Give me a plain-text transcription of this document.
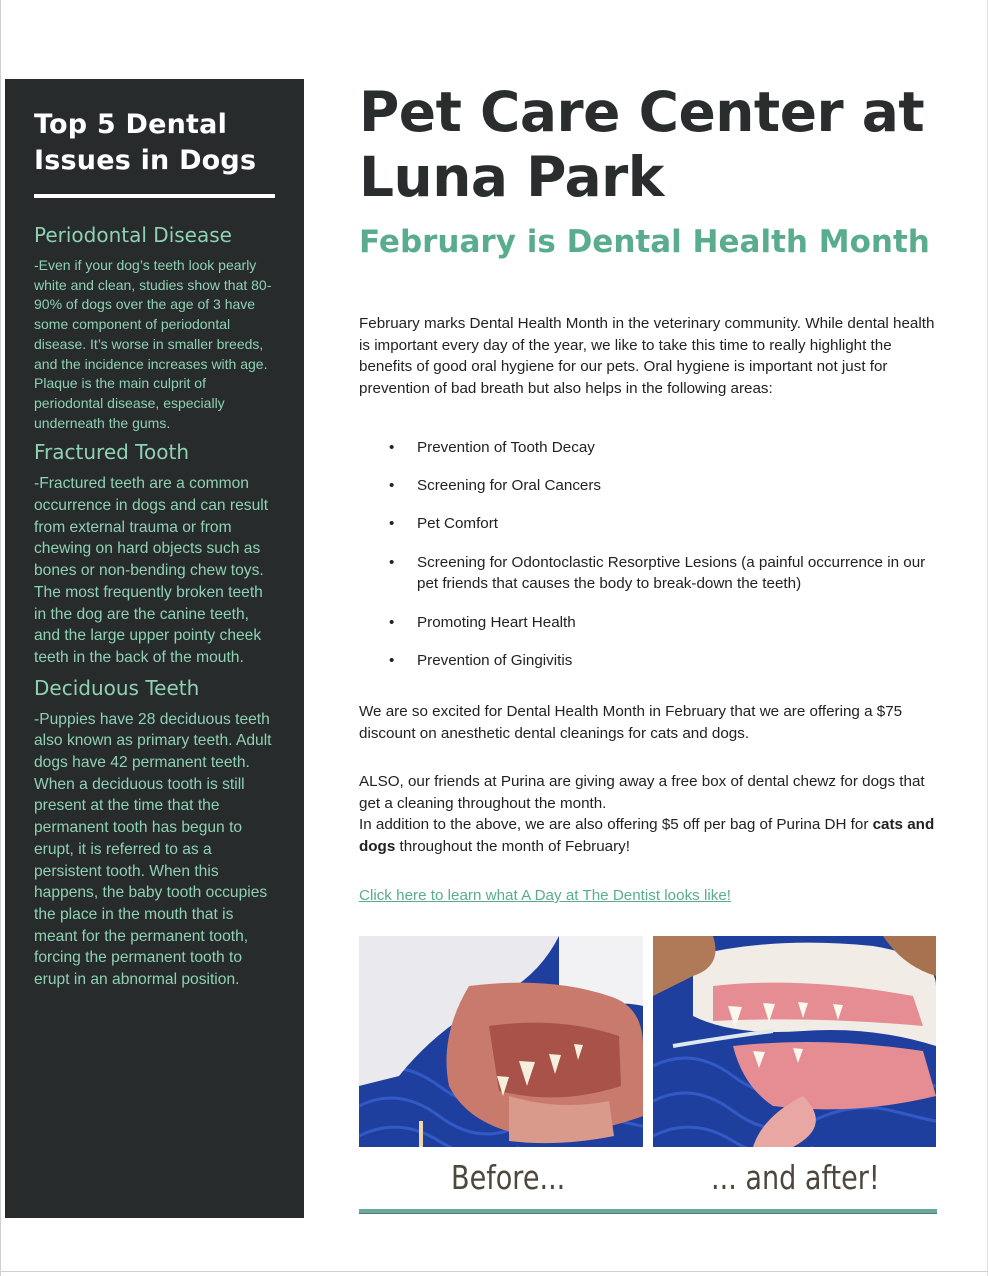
Top 5 Dental
Issues in Dogs
Periodontal Disease

-Even if your dog’s teeth look pearly white and clean, studies show that 80-90% of dogs over the age of 3 have some component of periodontal disease. It’s worse in smaller breeds, and the incidence increases with age. Plaque is the main culprit of periodontal disease, especially underneath the gums.

Fractured Tooth

-Fractured teeth are a common occurrence in dogs and can result from external trauma or from chewing on hard objects such as bones or non-bending chew toys. The most frequently broken teeth in the dog are the canine teeth, and the large upper pointy cheek teeth in the back of the mouth.

Deciduous Teeth

-Puppies have 28 deciduous teeth also known as primary teeth. Adult dogs have 42 permanent teeth. When a deciduous tooth is still present at the time that the permanent tooth has begun to erupt, it is referred to as a persistent tooth. When this happens, the baby tooth occupies the place in the mouth that is meant for the permanent tooth, forcing the permanent tooth to erupt in an abnormal position.

Pet Care Center at
Luna Park
February is Dental Health Month

February marks Dental Health Month in the veterinary community. While dental health is important every day of the year, we like to take this time to really highlight the benefits of good oral hygiene for our pets. Oral hygiene is important not just for prevention of bad breath but also helps in the following areas:

• Prevention of Tooth Decay
• Screening for Oral Cancers
• Pet Comfort
• Screening for Odontoclastic Resorptive Lesions (a painful occurrence in our pet friends that causes the body to break-down the teeth)
• Promoting Heart Health
• Prevention of Gingivitis

We are so excited for Dental Health Month in February that we are offering a $75 discount on anesthetic dental cleanings for cats and dogs.

ALSO, our friends at Purina are giving away a free box of dental chewz for dogs that get a cleaning throughout the month.
In addition to the above, we are also offering $5 off per bag of Purina DH for cats and dogs throughout the month of February!

Click here to learn what A Day at The Dentist looks like!
Before...	... and after!
